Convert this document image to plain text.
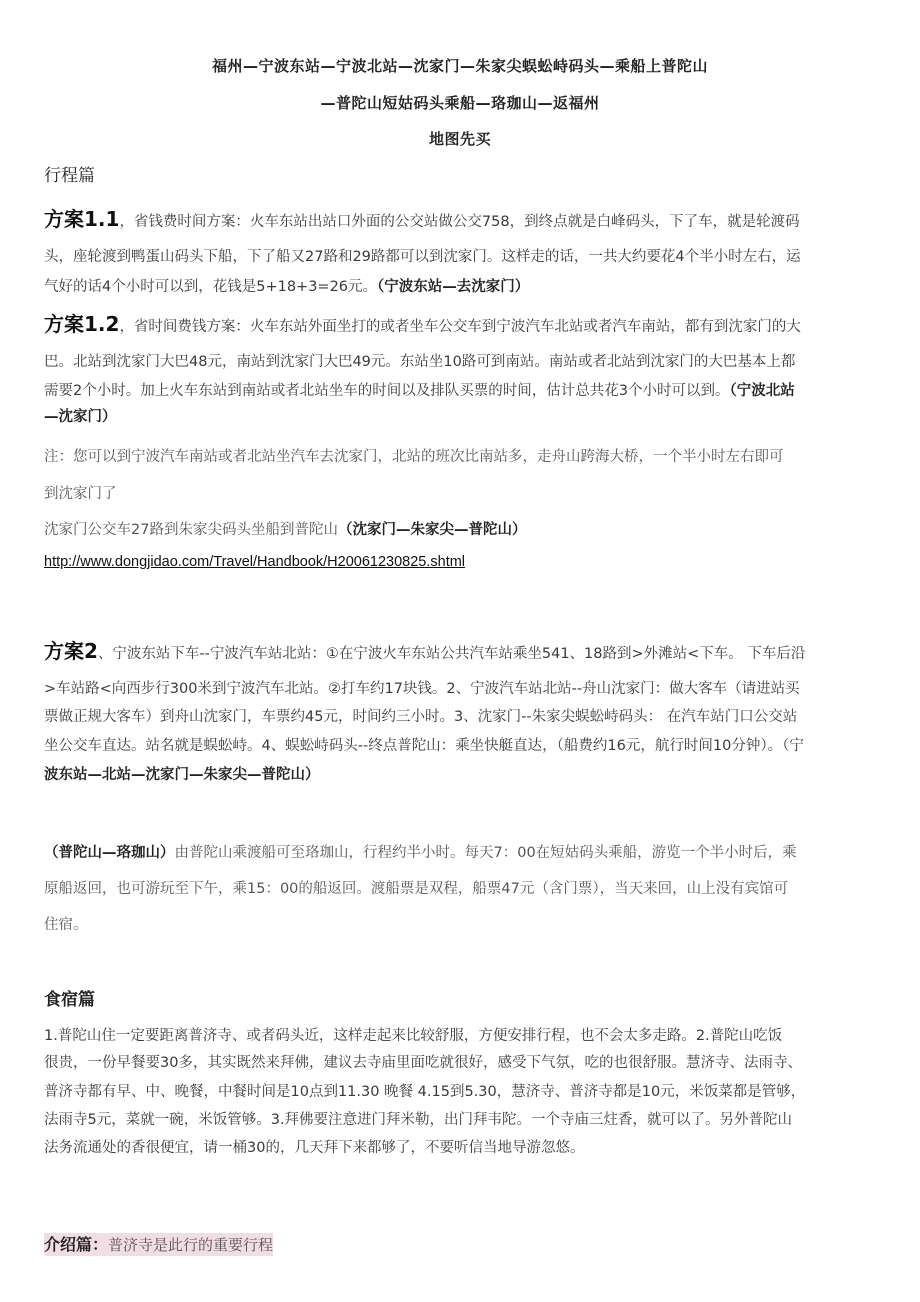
福州—宁波东站—宁波北站—沈家门—朱家尖蜈蚣峙码头—乘船上普陀山
—普陀山短姑码头乘船—珞珈山—返福州
地图先买
行程篇
方案1.1，省钱费时间方案：火车东站出站口外面的公交站做公交758，到终点就是白峰码头，下了车，就是轮渡码
头，座轮渡到鸭蛋山码头下船，下了船又27路和29路都可以到沈家门。这样走的话，一共大约要花4个半小时左右，运
气好的话4个小时可以到，花钱是5+18+3=26元。（宁波东站—去沈家门）
方案1.2，省时间费钱方案：火车东站外面坐打的或者坐车公交车到宁波汽车北站或者汽车南站，都有到沈家门的大
巴。北站到沈家门大巴48元，南站到沈家门大巴49元。东站坐10路可到南站。南站或者北站到沈家门的大巴基本上都
需要2个小时。加上火车东站到南站或者北站坐车的时间以及排队买票的时间，估计总共花3个小时可以到。（宁波北站
—沈家门）
注：您可以到宁波汽车南站或者北站坐汽车去沈家门，北站的班次比南站多，走舟山跨海大桥，一个半小时左右即可
到沈家门了
沈家门公交车27路到朱家尖码头坐船到普陀山（沈家门—朱家尖—普陀山）
http://www.dongjidao.com/Travel/Handbook/H20061230825.shtml
方案2、宁波东站下车--宁波汽车站北站：①在宁波火车东站公共汽车站乘坐541、18路到>外滩站<下车。 下车后沿
>车站路<向西步行300米到宁波汽车北站。②打车约17块钱。2、宁波汽车站北站--舟山沈家门：做大客车（请进站买
票做正规大客车）到舟山沈家门，车票约45元，时间约三小时。3、沈家门--朱家尖蜈蚣峙码头： 在汽车站门口公交站
坐公交车直达。站名就是蜈蚣峙。4、蜈蚣峙码头--终点普陀山：乘坐快艇直达，（船费约16元，航行时间10分钟）。（宁
波东站—北站—沈家门—朱家尖—普陀山）
（普陀山—珞珈山）由普陀山乘渡船可至珞珈山，行程约半小时。每天7：00在短姑码头乘船，游览一个半小时后，乘
原船返回，也可游玩至下午，乘15：00的船返回。渡船票是双程，船票47元（含门票），当天来回，山上没有宾馆可
住宿。
食宿篇
1.普陀山住一定要距离普济寺、或者码头近，这样走起来比较舒服，方便安排行程，也不会太多走路。2.普陀山吃饭
很贵，一份早餐要30多，其实既然来拜佛，建议去寺庙里面吃就很好，感受下气氛，吃的也很舒服。慧济寺、法雨寺、
普济寺都有早、中、晚餐，中餐时间是10点到11.30 晚餐 4.15到5.30，慧济寺、普济寺都是10元，米饭菜都是管够，
法雨寺5元，菜就一碗，米饭管够。3.拜佛要注意进门拜米勒，出门拜韦陀。一个寺庙三炷香，就可以了。另外普陀山
法务流通处的香很便宜，请一桶30的，几天拜下来都够了，不要听信当地导游忽悠。
介绍篇：普济寺是此行的重要行程
